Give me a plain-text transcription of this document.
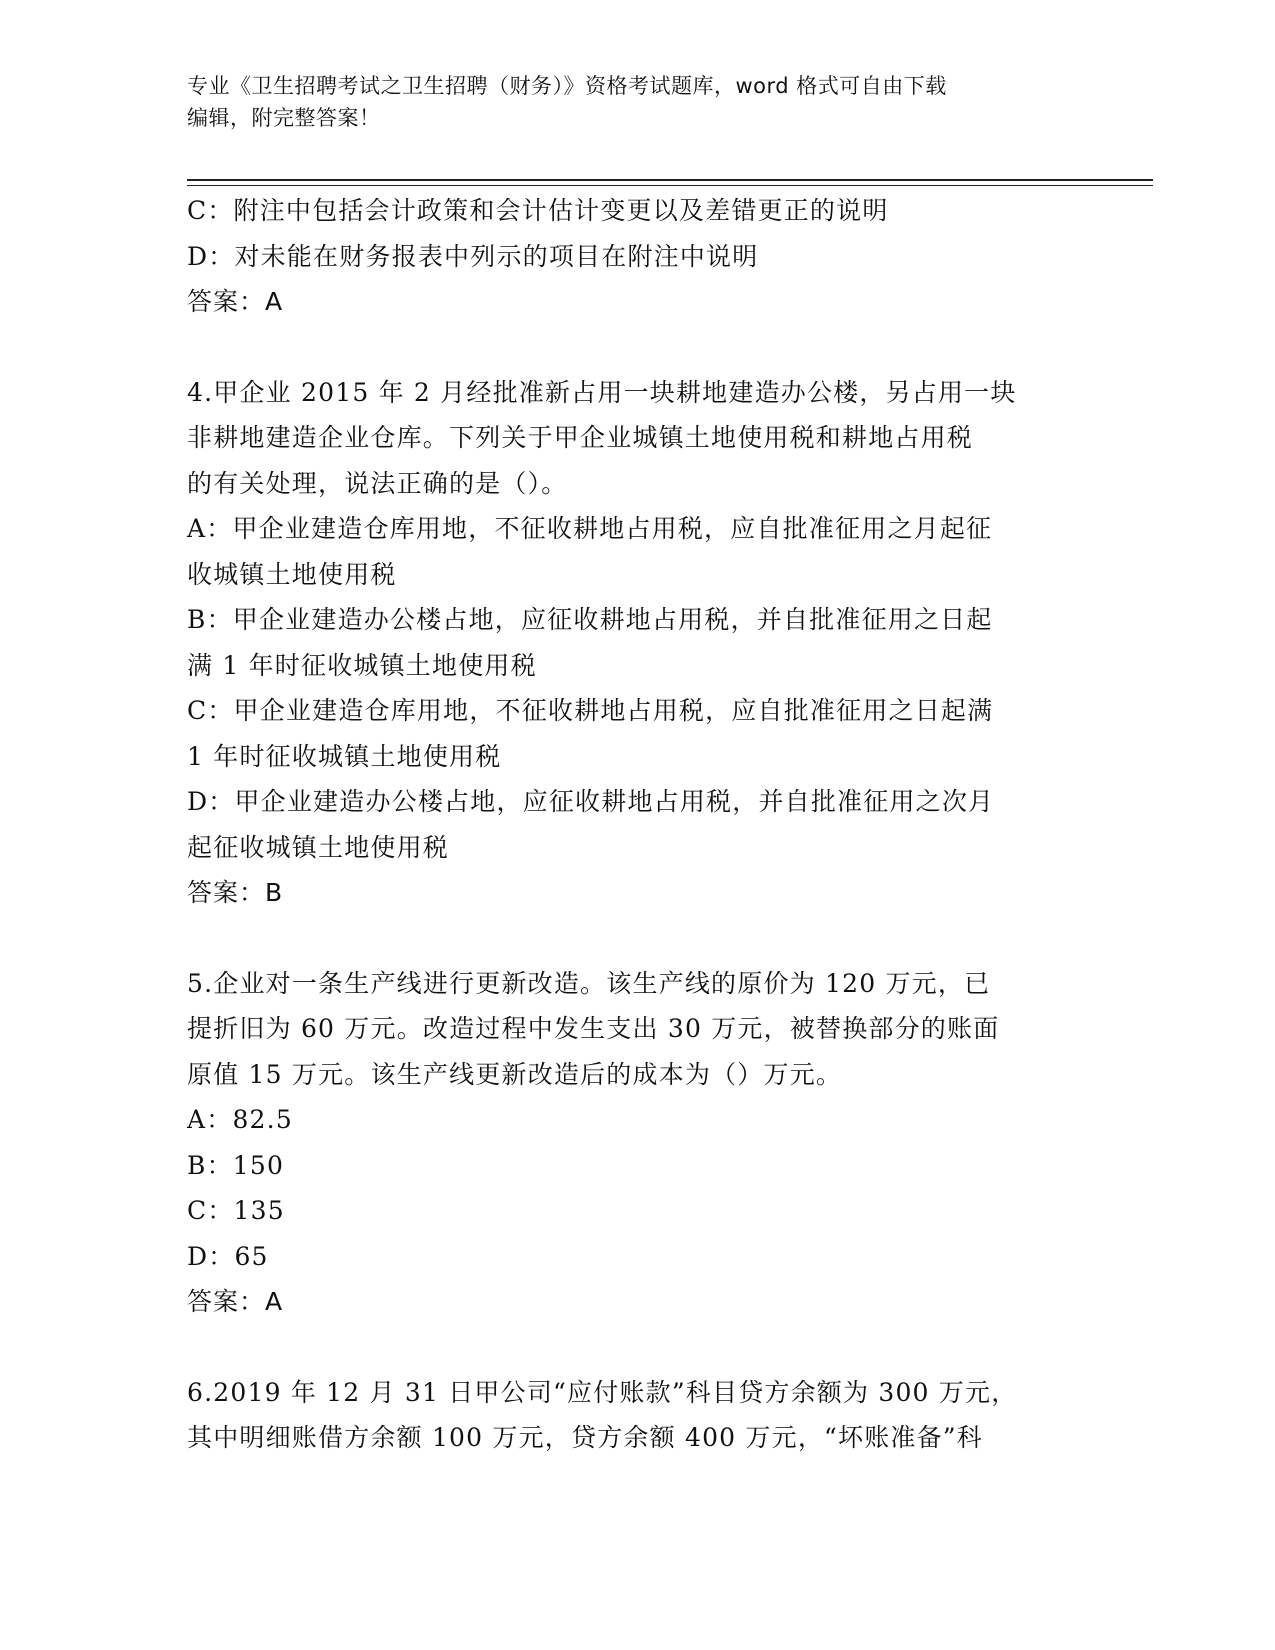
专业《卫生招聘考试之卫生招聘（财务）》资格考试题库，word 格式可自由下载
编辑，附完整答案！
C：附注中包括会计政策和会计估计变更以及差错更正的说明
D：对未能在财务报表中列示的项目在附注中说明
答案：A
4.甲企业 2015 年 2 月经批准新占用一块耕地建造办公楼，另占用一块
非耕地建造企业仓库。下列关于甲企业城镇土地使用税和耕地占用税
的有关处理，说法正确的是（）。
A：甲企业建造仓库用地，不征收耕地占用税，应自批准征用之月起征
收城镇土地使用税
B：甲企业建造办公楼占地，应征收耕地占用税，并自批准征用之日起
满 1 年时征收城镇土地使用税
C：甲企业建造仓库用地，不征收耕地占用税，应自批准征用之日起满
1 年时征收城镇土地使用税
D：甲企业建造办公楼占地，应征收耕地占用税，并自批准征用之次月
起征收城镇土地使用税
答案：B
5.企业对一条生产线进行更新改造。该生产线的原价为 120 万元，已
提折旧为 60 万元。改造过程中发生支出 30 万元，被替换部分的账面
原值 15 万元。该生产线更新改造后的成本为（）万元。
A：82.5
B：150
C：135
D：65
答案：A
6.2019 年 12 月 31 日甲公司“应付账款”科目贷方余额为 300 万元，
其中明细账借方余额 100 万元，贷方余额 400 万元，“坏账准备”科
